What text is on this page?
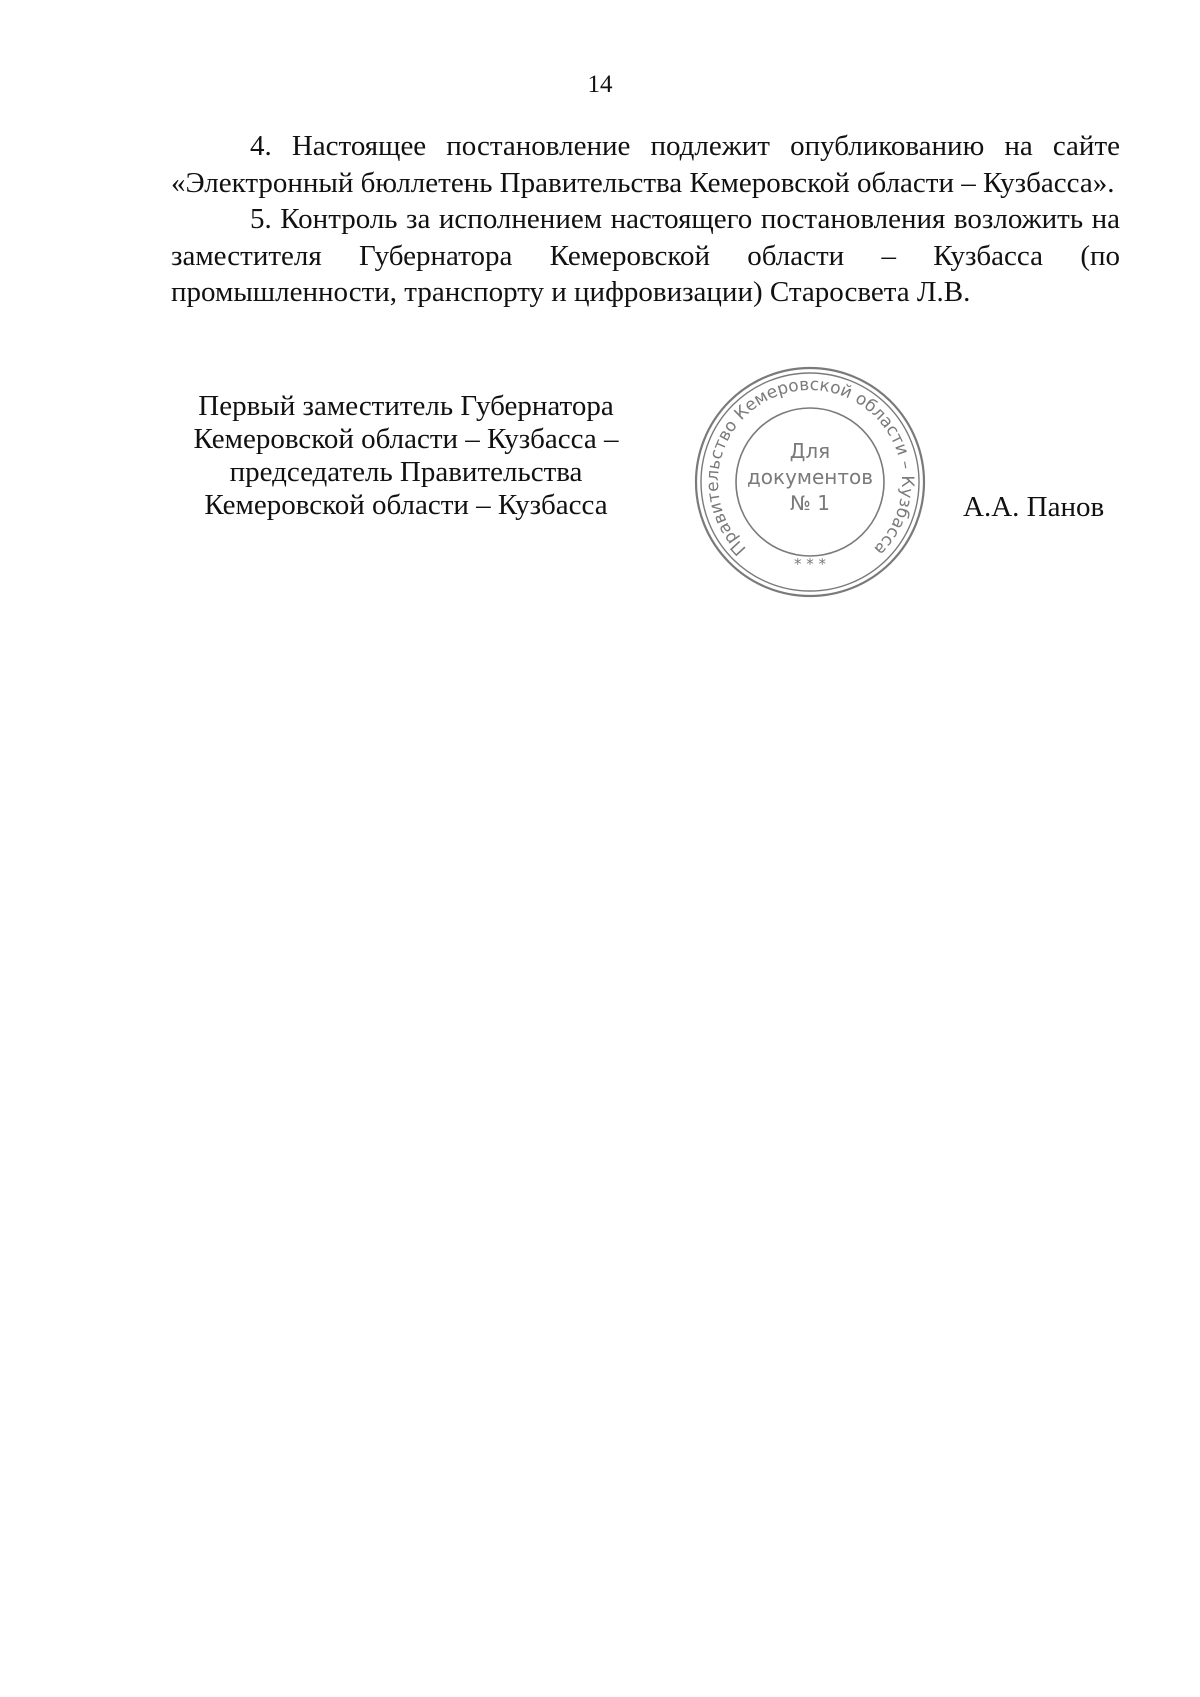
14

4. Настоящее постановление подлежит опубликованию на сайте «Электронный бюллетень Правительства Кемеровской области – Кузбасса».

5. Контроль за исполнением настоящего постановления возложить на заместителя Губернатора Кемеровской области – Кузбасса (по промышленности, транспорту и цифровизации) Старосвета Л.В.

Первый заместитель Губернатора
Кемеровской области – Кузбасса –
председатель Правительства
Кемеровской области – Кузбасса
Правительство Кемеровской области – Кузбасса
Для
документов
№ 1
* * *
А.А. Панов
